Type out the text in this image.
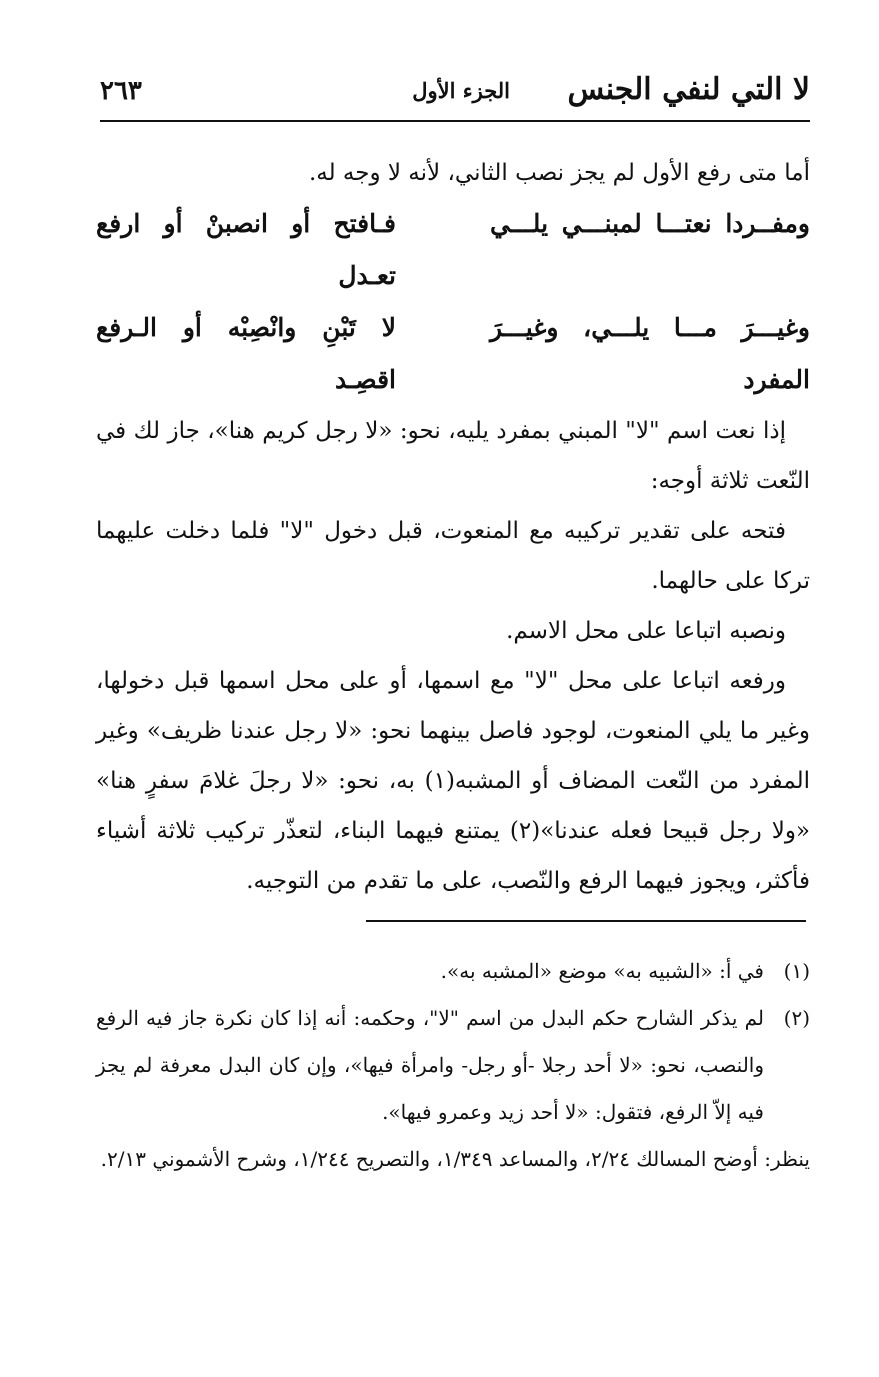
لا التي لنفي الجنس
الجزء الأول
٢٦٣

أما متى رفع الأول لم يجز نصب الثاني، لأنه لا وجه له.

ومفــردا نعتـــا لمبنـــي يلـــي
فـافتح أو انصبنْ أو ارفع تعـدل
وغيـــرَ مـــا يلـــي، وغيـــرَ المفرد
لا تَبْنِ وانْصِبْه أو الـرفع اقصِـد

إذا نعت اسم "لا" المبني بمفرد يليه، نحو: «لا رجل كريم هنا»، جاز لك في النّعت ثلاثة أوجه:

فتحه على تقدير تركيبه مع المنعوت، قبل دخول "لا" فلما دخلت عليهما تركا على حالهما.

ونصبه اتباعا على محل الاسم.

ورفعه اتباعا على محل "لا" مع اسمها، أو على محل اسمها قبل دخولها، وغير ما يلي المنعوت، لوجود فاصل بينهما نحو: «لا رجل عندنا ظريف» وغير المفرد من النّعت المضاف أو المشبه(١) به، نحو: «لا رجلَ غلامَ سفرٍ هنا» «ولا رجل قبيحا فعله عندنا»(٢) يمتنع فيهما البناء، لتعذّر تركيب ثلاثة أشياء فأكثر، ويجوز فيهما الرفع والنّصب، على ما تقدم من التوجيه.

(١)
في أ: «الشبيه به» موضع «المشبه به».
(٢)
لم يذكر الشارح حكم البدل من اسم "لا"، وحكمه: أنه إذا كان نكرة جاز فيه الرفع والنصب، نحو: «لا أحد رجلا -أو رجل- وامرأة فيها»، وإن كان البدل معرفة لم يجز فيه إلاّ الرفع، فتقول: «لا أحد زيد وعمرو فيها».
ينظر: أوضح المسالك ٢/٢٤، والمساعد ١/٣٤٩، والتصريح ١/٢٤٤، وشرح الأشموني ٢/١٣.
